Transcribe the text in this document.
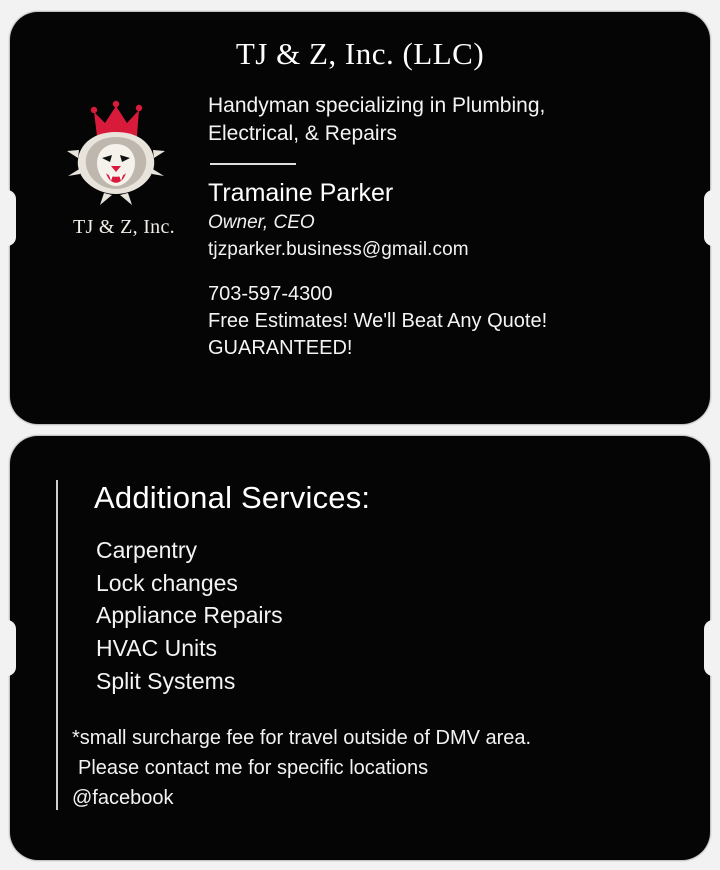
TJ & Z, Inc. (LLC)
TJ & Z, Inc.
Handyman specializing in Plumbing,
Electrical, & Repairs
Tramaine Parker
Owner, CEO
tjzparker.business@gmail.com
703-597-4300
Free Estimates! We'll Beat Any Quote!
GUARANTEED!
Additional Services:
Carpentry
Lock changes
Appliance Repairs
HVAC Units
Split Systems
*small surcharge fee for travel outside of DMV area.
Please contact me for specific locations
@facebook
